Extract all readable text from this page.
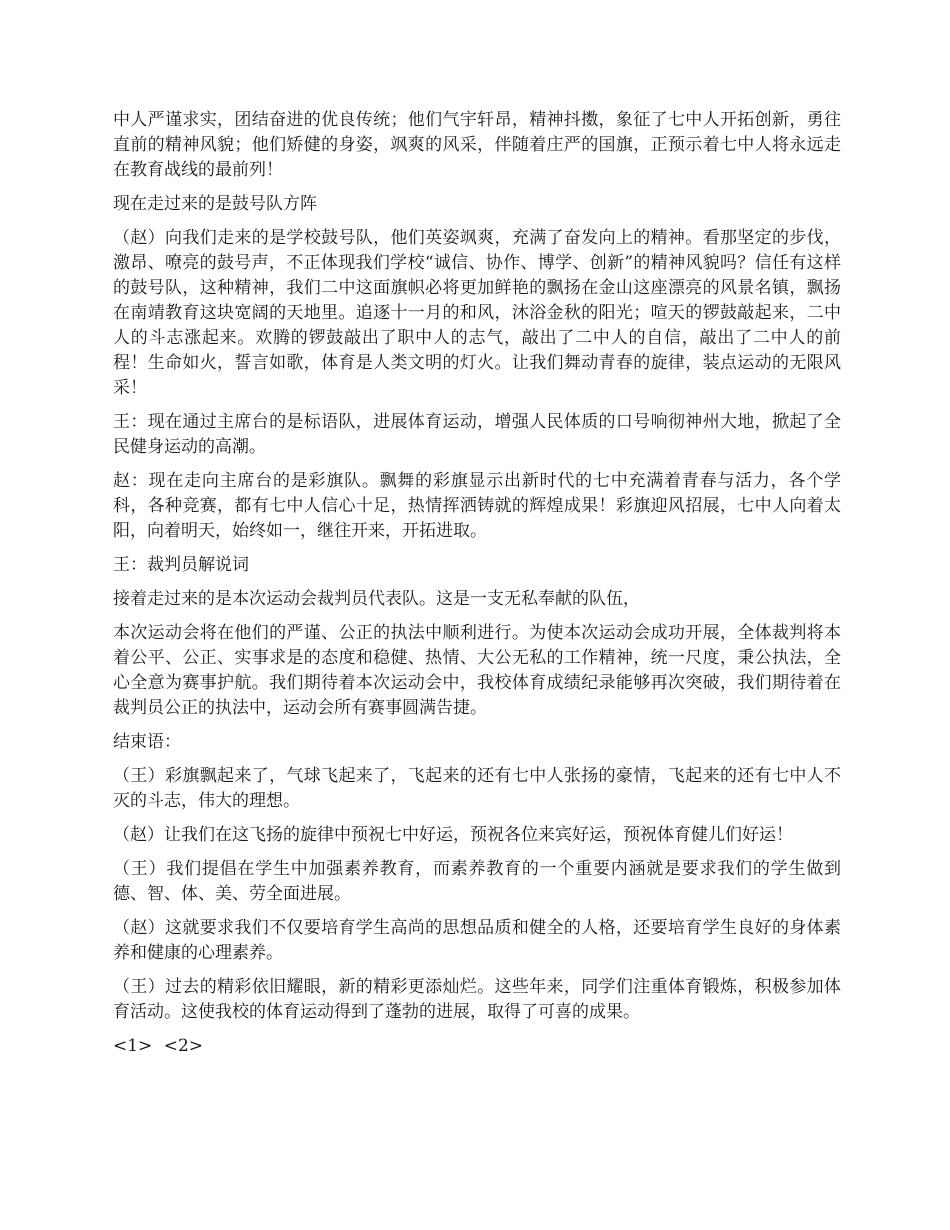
中人严谨求实，团结奋进的优良传统；他们气宇轩昂，精神抖擞，象征了七中人开拓创新，勇往直前的精神风貌；他们矫健的身姿，飒爽的风采，伴随着庄严的国旗，正预示着七中人将永远走在教育战线的最前列！

现在走过来的是鼓号队方阵

（赵）向我们走来的是学校鼓号队，他们英姿飒爽，充满了奋发向上的精神。看那坚定的步伐，激昂、嘹亮的鼓号声，不正体现我们学校“诚信、协作、博学、创新”的精神风貌吗？信任有这样的鼓号队，这种精神，我们二中这面旗帜必将更加鲜艳的飘扬在金山这座漂亮的风景名镇，飘扬在南靖教育这块宽阔的天地里。追逐十一月的和风，沐浴金秋的阳光；喧天的锣鼓敲起来，二中人的斗志涨起来。欢腾的锣鼓敲出了职中人的志气，敲出了二中人的自信，敲出了二中人的前程！生命如火，誓言如歌，体育是人类文明的灯火。让我们舞动青春的旋律，装点运动的无限风采！

王：现在通过主席台的是标语队，进展体育运动，增强人民体质的口号响彻神州大地，掀起了全民健身运动的高潮。

赵：现在走向主席台的是彩旗队。飘舞的彩旗显示出新时代的七中充满着青春与活力，各个学科，各种竞赛，都有七中人信心十足，热情挥洒铸就的辉煌成果！彩旗迎风招展，七中人向着太阳，向着明天，始终如一，继往开来，开拓进取。

王：裁判员解说词

接着走过来的是本次运动会裁判员代表队。这是一支无私奉献的队伍，

本次运动会将在他们的严谨、公正的执法中顺利进行。为使本次运动会成功开展，全体裁判将本着公平、公正、实事求是的态度和稳健、热情、大公无私的工作精神，统一尺度，秉公执法，全心全意为赛事护航。我们期待着本次运动会中，我校体育成绩纪录能够再次突破，我们期待着在裁判员公正的执法中，运动会所有赛事圆满告捷。

结束语：

（王）彩旗飘起来了，气球飞起来了，飞起来的还有七中人张扬的豪情，飞起来的还有七中人不灭的斗志，伟大的理想。

（赵）让我们在这飞扬的旋律中预祝七中好运，预祝各位来宾好运，预祝体育健儿们好运！

（王）我们提倡在学生中加强素养教育，而素养教育的一个重要内涵就是要求我们的学生做到德、智、体、美、劳全面进展。

（赵）这就要求我们不仅要培育学生高尚的思想品质和健全的人格，还要培育学生良好的身体素养和健康的心理素养。

（王）过去的精彩依旧耀眼，新的精彩更添灿烂。这些年来，同学们注重体育锻炼，积极参加体育活动。这使我校的体育运动得到了蓬勃的进展，取得了可喜的成果。

<1> <2>
